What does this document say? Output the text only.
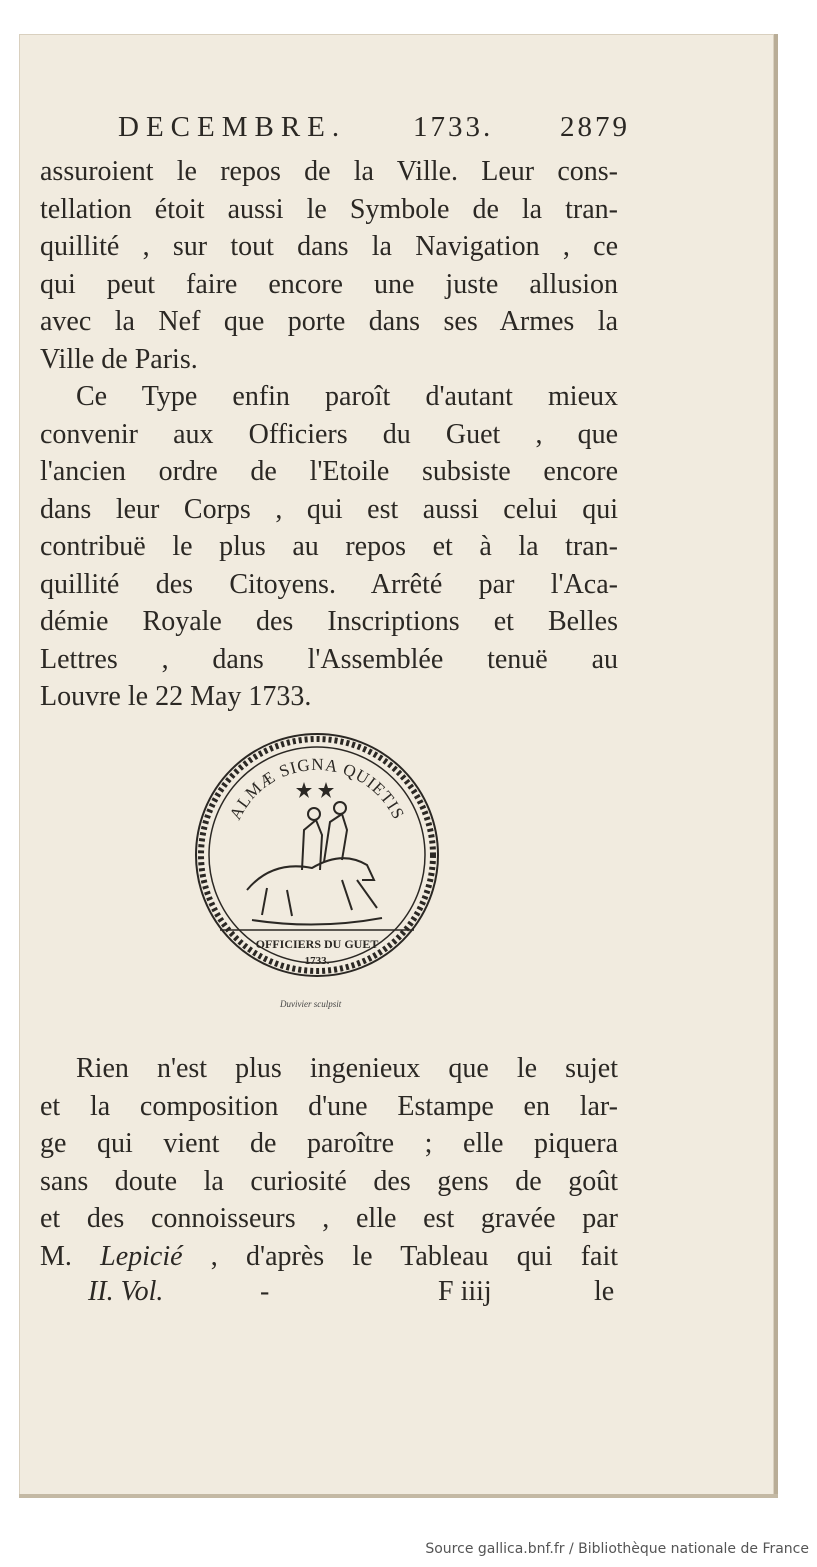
DECEMBRE. 1733. 2879
assuroient le repos de la Ville. Leur cons-
tellation étoit aussi le Symbole de la tran-
quillité , sur tout dans la Navigation , ce
qui peut faire encore une juste allusion
avec la Nef que porte dans ses Armes la
Ville de Paris.
Ce Type enfin paroît d'autant mieux
convenir aux Officiers du Guet , que
l'ancien ordre de l'Etoile subsiste encore
dans leur Corps , qui est aussi celui qui
contribuë le plus au repos et à la tran-
quillité des Citoyens. Arrêté par l'Aca-
démie Royale des Inscriptions et Belles
Lettres , dans l'Assemblée tenuë au
Louvre le 22 May 1733.
ALMÆ SIGNA QUIETIS
OFFICIERS DU GUET
1733.
Duvivier sculpsit
Rien n'est plus ingenieux que le sujet
et la composition d'une Estampe en lar-
ge qui vient de paroître ; elle piquera
sans doute la curiosité des gens de goût
et des connoisseurs , elle est gravée par
M. Lepicié , d'après le Tableau qui fait
II. Vol.	-	F iiij	le
Source gallica.bnf.fr / Bibliothèque nationale de France
